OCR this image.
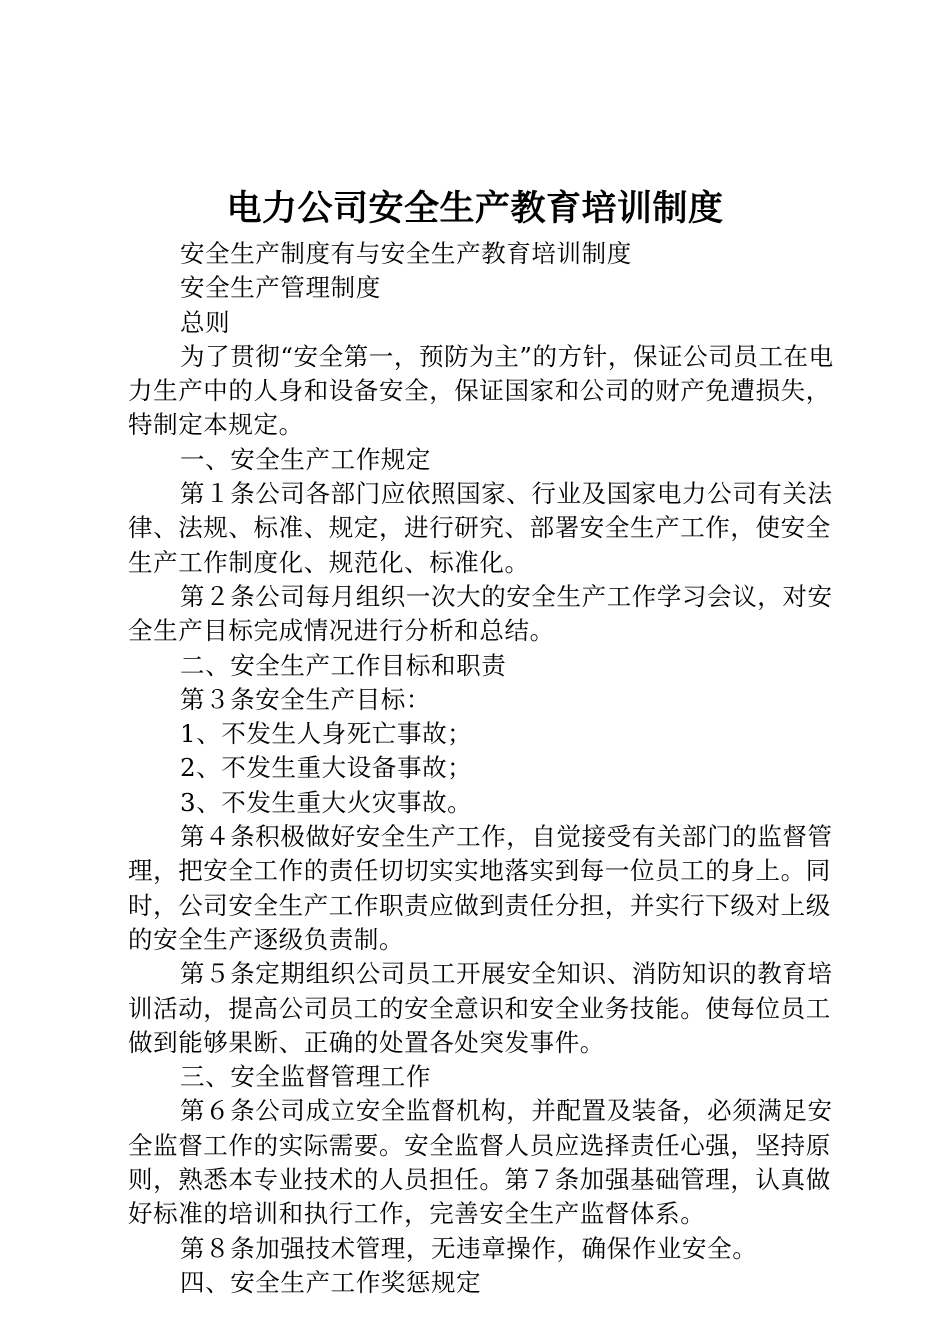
电力公司安全生产教育培训制度

安全生产制度有与安全生产教育培训制度

安全生产管理制度

总则

为了贯彻“安全第一，预防为主”的方针，保证公司员工在电力生产中的人身和设备安全，保证国家和公司的财产免遭损失，特制定本规定。

一、安全生产工作规定

第１条公司各部门应依照国家、行业及国家电力公司有关法律、法规、标准、规定，进行研究、部署安全生产工作，使安全生产工作制度化、规范化、标准化。

第２条公司每月组织一次大的安全生产工作学习会议，对安全生产目标完成情况进行分析和总结。

二、安全生产工作目标和职责

第３条安全生产目标：

1、不发生人身死亡事故；

2、不发生重大设备事故；

3、不发生重大火灾事故。

第４条积极做好安全生产工作，自觉接受有关部门的监督管理，把安全工作的责任切切实实地落实到每一位员工的身上。同时，公司安全生产工作职责应做到责任分担，并实行下级对上级的安全生产逐级负责制。

第５条定期组织公司员工开展安全知识、消防知识的教育培训活动，提高公司员工的安全意识和安全业务技能。使每位员工做到能够果断、正确的处置各处突发事件。

三、安全监督管理工作

第６条公司成立安全监督机构，并配置及装备，必须满足安全监督工作的实际需要。安全监督人员应选择责任心强，坚持原则，熟悉本专业技术的人员担任。第７条加强基础管理，认真做好标准的培训和执行工作，完善安全生产监督体系。

第８条加强技术管理，无违章操作，确保作业安全。

四、安全生产工作奖惩规定
